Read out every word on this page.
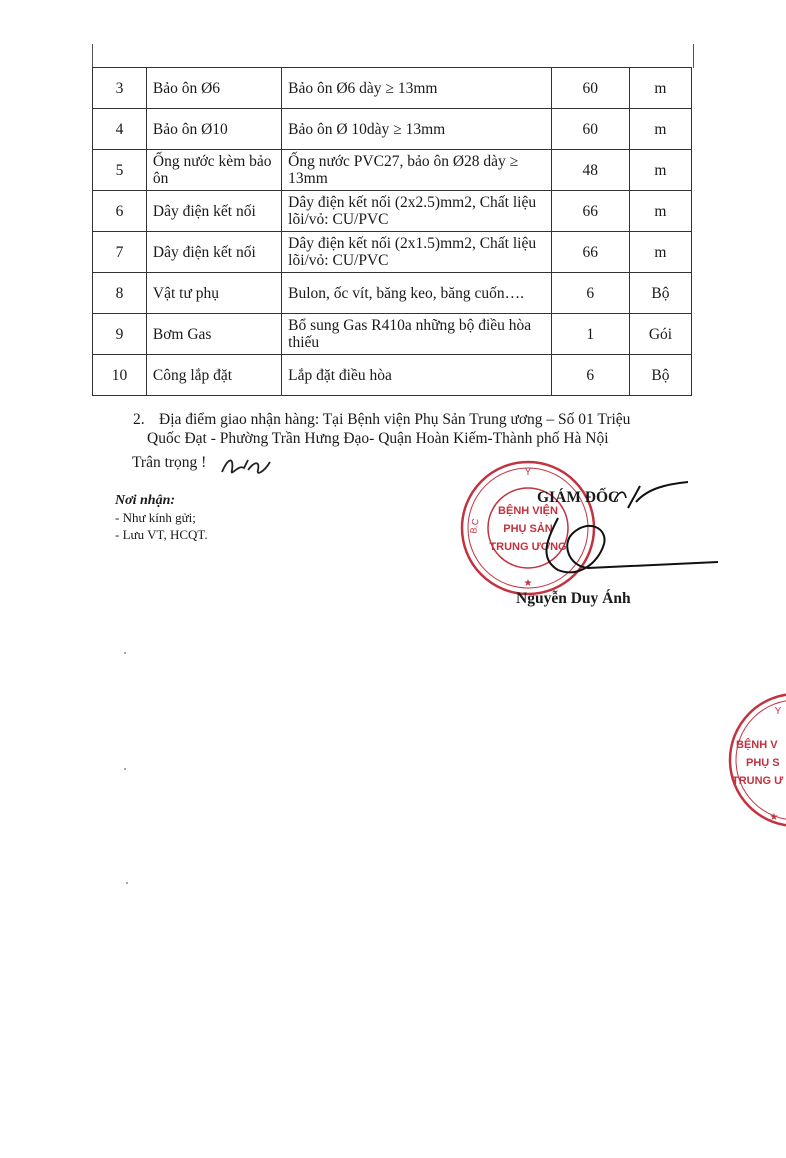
3	Bảo ôn Ø6	Bảo ôn Ø6 dày ≥ 13mm	60	m
4	Bảo ôn Ø10	Bảo ôn Ø 10dày ≥ 13mm	60	m
5	Ống nước kèm bảo ôn	Ống nước PVC27, bảo ôn Ø28 dày ≥ 13mm	48	m
6	Dây điện kết nối	Dây điện kết nối (2x2.5)mm2, Chất liệu lõi/vỏ: CU/PVC	66	m
7	Dây điện kết nối	Dây điện kết nối (2x1.5)mm2, Chất liệu lõi/vỏ: CU/PVC	66	m
8	Vật tư phụ	Bulon, ốc vít, băng keo, băng cuốn….	6	Bộ
9	Bơm Gas	Bổ sung Gas R410a những bộ điều hòa thiếu	1	Gói
10	Công lắp đặt	Lắp đặt điều hòa	6	Bộ
2. Địa điểm giao nhận hàng: Tại Bệnh viện Phụ Sản Trung ương – Số 01 Triệu
Quốc Đạt - Phường Trần Hưng Đạo- Quận Hoàn Kiếm-Thành phố Hà Nội
Trân trọng !
Nơi nhận:
- Như kính gửi;
- Lưu VT, HCQT.
Y
B.C
BỆNH VIỆN
PHỤ SẢN
TRUNG ƯƠNG
★
GIÁM ĐỐC
Nguyễn Duy Ánh
Y
BỆNH V
PHỤ S
TRUNG Ư
★
